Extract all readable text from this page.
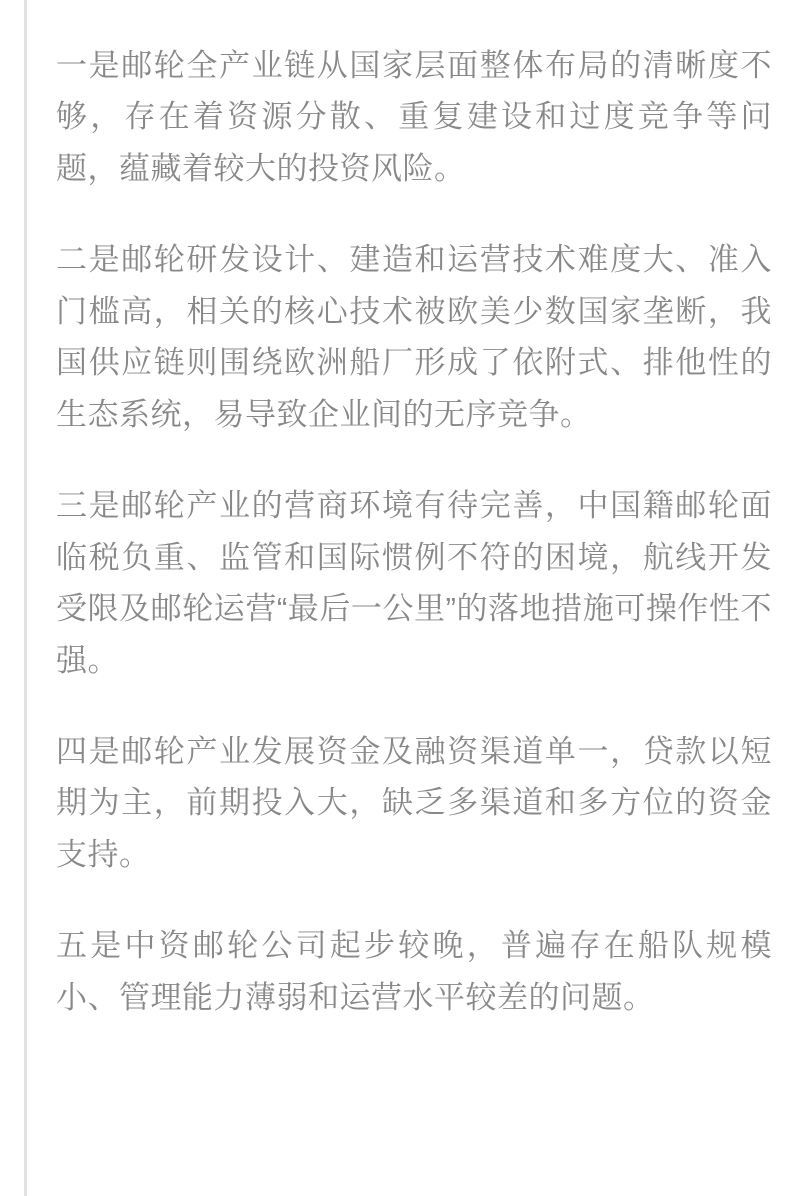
一是邮轮全产业链从国家层面整体布局的清晰度不够，存在着资源分散、重复建设和过度竞争等问题，蕴藏着较大的投资风险。

二是邮轮研发设计、建造和运营技术难度大、准入门槛高，相关的核心技术被欧美少数国家垄断，我国供应链则围绕欧洲船厂形成了依附式、排他性的生态系统，易导致企业间的无序竞争。

三是邮轮产业的营商环境有待完善，中国籍邮轮面临税负重、监管和国际惯例不符的困境，航线开发受限及邮轮运营“最后一公里”的落地措施可操作性不强。

四是邮轮产业发展资金及融资渠道单一，贷款以短期为主，前期投入大，缺乏多渠道和多方位的资金支持。

五是中资邮轮公司起步较晚，普遍存在船队规模小、管理能力薄弱和运营水平较差的问题。
